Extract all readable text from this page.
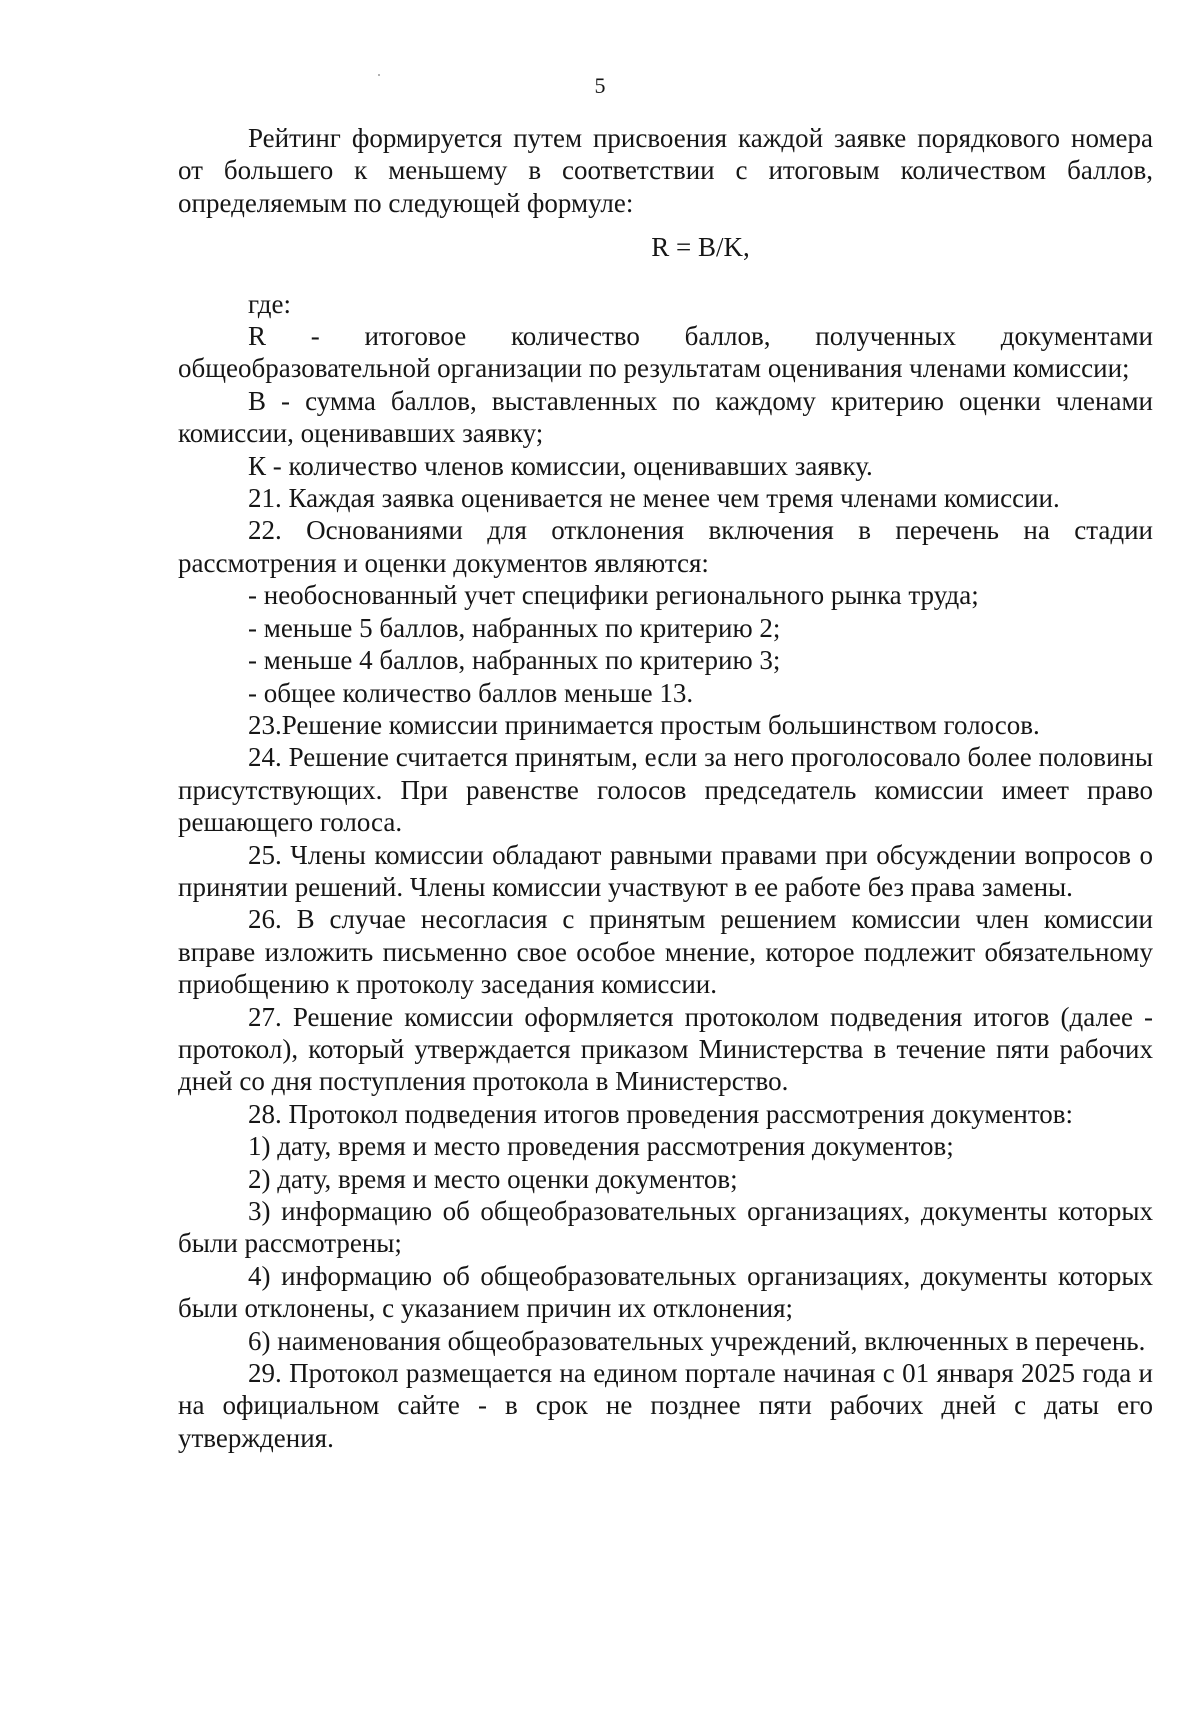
5

Рейтинг формируется путем присвоения каждой заявке порядкового номера от большего к меньшему в соответствии с итоговым количеством баллов, определяемым по следующей формуле:

R = B/K,

где:

R - итоговое количество баллов, полученных документами общеобразовательной организации по результатам оценивания членами комиссии;

B - сумма баллов, выставленных по каждому критерию оценки членами комиссии, оценивавших заявку;

К - количество членов комиссии, оценивавших заявку.

21. Каждая заявка оценивается не менее чем тремя членами комиссии.

22. Основаниями для отклонения включения в перечень на стадии рассмотрения и оценки документов являются:

- необоснованный учет специфики регионального рынка труда;

- меньше 5 баллов, набранных по критерию 2;

- меньше 4 баллов, набранных по критерию 3;

- общее количество баллов меньше 13.

23.Решение комиссии принимается простым большинством голосов.

24. Решение считается принятым, если за него проголосовало более половины присутствующих. При равенстве голосов председатель комиссии имеет право решающего голоса.

25. Члены комиссии обладают равными правами при обсуждении вопросов о принятии решений. Члены комиссии участвуют в ее работе без права замены.

26. В случае несогласия с принятым решением комиссии член комиссии вправе изложить письменно свое особое мнение, которое подлежит обязательному приобщению к протоколу заседания комиссии.

27. Решение комиссии оформляется протоколом подведения итогов (далее - протокол), который утверждается приказом Министерства в течение пяти рабочих дней со дня поступления протокола в Министерство.

28. Протокол подведения итогов проведения рассмотрения документов:

1) дату, время и место проведения рассмотрения документов;

2) дату, время и место оценки документов;

3) информацию об общеобразовательных организациях, документы которых были рассмотрены;

4) информацию об общеобразовательных организациях, документы которых были отклонены, с указанием причин их отклонения;

6) наименования общеобразовательных учреждений, включенных в перечень.

29. Протокол размещается на едином портале начиная с 01 января 2025 года и на официальном сайте - в срок не позднее пяти рабочих дней с даты его утверждения.
